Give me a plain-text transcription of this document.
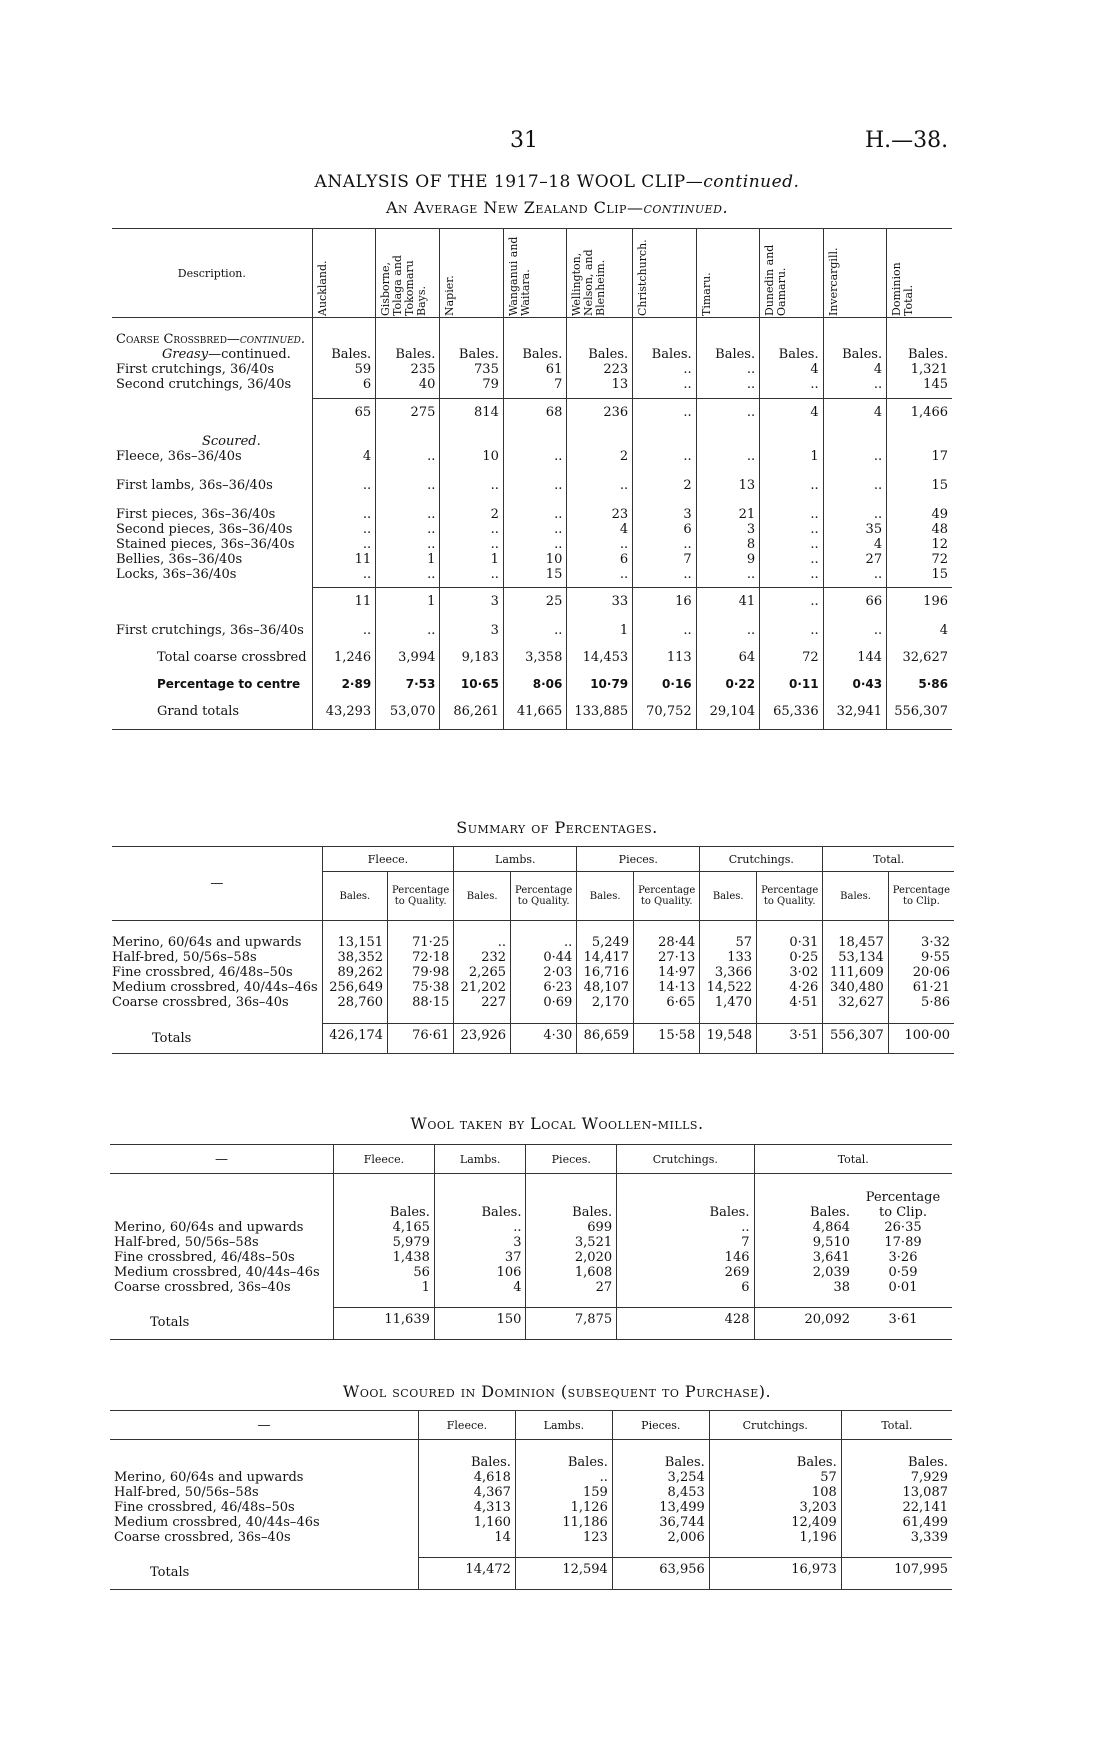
31	H.—38.
ANALYSIS OF THE 1917–18 WOOL CLIP—continued.
An Average New Zealand Clip—continued.
Description.	Auckland.	Gisborne, Tolaga and Tokomaru Bays.	Napier.	Wanganui and Waitara.	Wellington, Nelson, and Blenheim.	Christchurch.	Timaru.	Dunedin and Oamaru.	Invercargill.	Dominion Total.

Coarse Crossbred—continued.										
Greasy—continued.	Bales.	Bales.	Bales.	Bales.	Bales.	Bales.	Bales.	Bales.	Bales.	Bales.
First crutchings, 36/40s	59	235	735	61	223	..	..	4	4	1,321
Second crutchings, 36/40s	6	40	79	7	13	..	..	..	..	145

	65	275	814	68	236	..	..	4	4	1,466

Scoured.										
Fleece, 36s–36/40s	4	..	10	..	2	..	..	1	..	17

First lambs, 36s–36/40s	..	..	..	..	..	2	13	..	..	15

First pieces, 36s–36/40s	..	..	2	..	23	3	21	..	..	49
Second pieces, 36s–36/40s	..	..	..	..	4	6	3	..	35	48
Stained pieces, 36s–36/40s	..	..	..	..	..	..	8	..	4	12
Bellies, 36s–36/40s	11	1	1	10	6	7	9	..	27	72
Locks, 36s–36/40s	..	..	..	15	..	..	..	..	..	15

	11	1	3	25	33	16	41	..	66	196

First crutchings, 36s–36/40s	..	..	3	..	1	..	..	..	..	4

Total coarse crossbred	1,246	3,994	9,183	3,358	14,453	113	64	72	144	32,627

Percentage to centre	2·89	7·53	10·65	8·06	10·79	0·16	0·22	0·11	0·43	5·86

Grand totals	43,293	53,070	86,261	41,665	133,885	70,752	29,104	65,336	32,941	556,307

Summary of Percentages.
—	Fleece.		Lambs.		Pieces.		Crutchings.		Total.	
	Bales.	Percentage to Quality.	Bales.	Percentage to Quality.	Bales.	Percentage to Quality.	Bales.	Percentage to Quality.	Bales.	Percentage to Clip.

Merino, 60/64s and upwards	13,151	71·25	..	..	5,249	28·44	57	0·31	18,457	3·32
Half-bred, 50/56s–58s	38,352	72·18	232	0·44	14,417	27·13	133	0·25	53,134	9·55
Fine crossbred, 46/48s–50s	89,262	79·98	2,265	2·03	16,716	14·97	3,366	3·02	111,609	20·06
Medium crossbred, 40/44s–46s	256,649	75·38	21,202	6·23	48,107	14·13	14,522	4·26	340,480	61·21
Coarse crossbred, 36s–40s	28,760	88·15	227	0·69	2,170	6·65	1,470	4·51	32,627	5·86

Totals	426,174	76·61	23,926	4·30	86,659	15·58	19,548	3·51	556,307	100·00
Wool taken by Local Woollen-mills.
—	Fleece.	Lambs.	Pieces.	Crutchings.	Total.	
	Bales.	Bales.	Bales.	Bales.	Bales.	Percentage to Clip.
Merino, 60/64s and upwards	4,165	..	699	..	4,864	26·35
Half-bred, 50/56s–58s	5,979	3	3,521	7	9,510	17·89
Fine crossbred, 46/48s–50s	1,438	37	2,020	146	3,641	3·26
Medium crossbred, 40/44s–46s	56	106	1,608	269	2,039	0·59
Coarse crossbred, 36s–40s	1	4	27	6	38	0·01

Totals	11,639	150	7,875	428	20,092	3·61
Wool scoured in Dominion (subsequent to Purchase).
—	Fleece.	Lambs.	Pieces.	Crutchings.	Total.
	Bales.	Bales.	Bales.	Bales.	Bales.
Merino, 60/64s and upwards	4,618	..	3,254	57	7,929
Half-bred, 50/56s–58s	4,367	159	8,453	108	13,087
Fine crossbred, 46/48s–50s	4,313	1,126	13,499	3,203	22,141
Medium crossbred, 40/44s–46s	1,160	11,186	36,744	12,409	61,499
Coarse crossbred, 36s–40s	14	123	2,006	1,196	3,339

Totals	14,472	12,594	63,956	16,973	107,995
